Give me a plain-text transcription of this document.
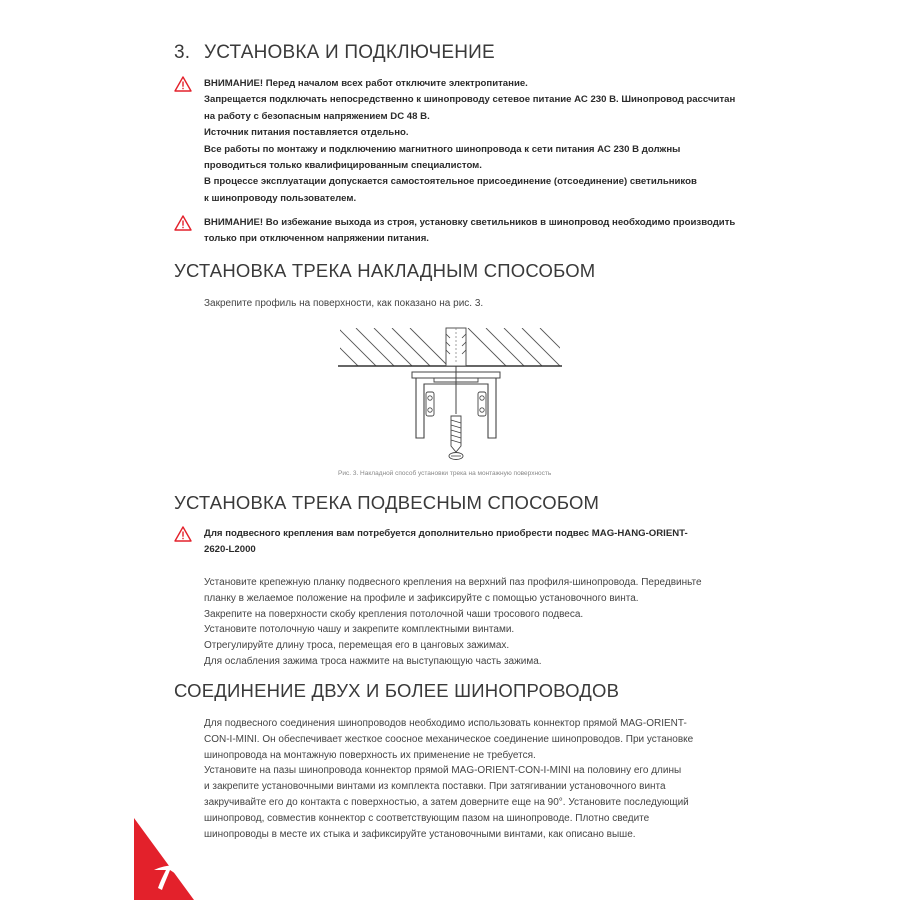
3. УСТАНОВКА И ПОДКЛЮЧЕНИЕ
ВНИМАНИЕ! Перед началом всех работ отключите электропитание.
Запрещается подключать непосредственно к шинопроводу сетевое питание АС 230 В. Шинопровод рассчитан
на работу с безопасным напряжением DC 48 В.
Источник питания поставляется отдельно.
Все работы по монтажу и подключению магнитного шинопровода к сети питания АС 230 В должны
проводиться только квалифицированным специалистом.
В процессе эксплуатации допускается самостоятельное присоединение (отсоединение) светильников
к шинопроводу пользователем.
ВНИМАНИЕ! Во избежание выхода из строя, установку светильников в шинопровод необходимо производить
только при отключенном напряжении питания.
УСТАНОВКА ТРЕКА НАКЛАДНЫМ СПОСОБОМ
Закрепите профиль на поверхности, как показано на рис. 3.
Рис. 3. Накладной способ установки трека на монтажную поверхность
УСТАНОВКА ТРЕКА ПОДВЕСНЫМ СПОСОБОМ
Для подвесного крепления вам потребуется дополнительно приобрести подвес MAG-HANG-ORIENT-
2620-L2000
Установите крепежную планку подвесного крепления на верхний паз профиля-шинопровода. Передвиньте
планку в желаемое положение на профиле и зафиксируйте с помощью установочного винта.
Закрепите на поверхности скобу крепления потолочной чаши тросового подвеса.
Установите потолочную чашу и закрепите комплектными винтами.
Отрегулируйте длину троса, перемещая его в цанговых зажимах.
Для ослабления зажима троса нажмите на выступающую часть зажима.
СОЕДИНЕНИЕ ДВУХ И БОЛЕЕ ШИНОПРОВОДОВ
Для подвесного соединения шинопроводов необходимо использовать коннектор прямой MAG-ORIENT-
CON-I-MINI. Он обеспечивает жесткое соосное механическое соединение шинопроводов. При установке
шинопровода на монтажную поверхность их применение не требуется.
Установите на пазы шинопровода коннектор прямой MAG-ORIENT-CON-I-MINI на половину его длины
и закрепите установочными винтами из комплекта поставки. При затягивании установочного винта
закручивайте его до контакта с поверхностью, а затем доверните еще на 90°. Установите последующий
шинопровод, совместив коннектор с соответствующим пазом на шинопроводе. Плотно сведите
шинопроводы в месте их стыка и зафиксируйте установочными винтами, как описано выше.
